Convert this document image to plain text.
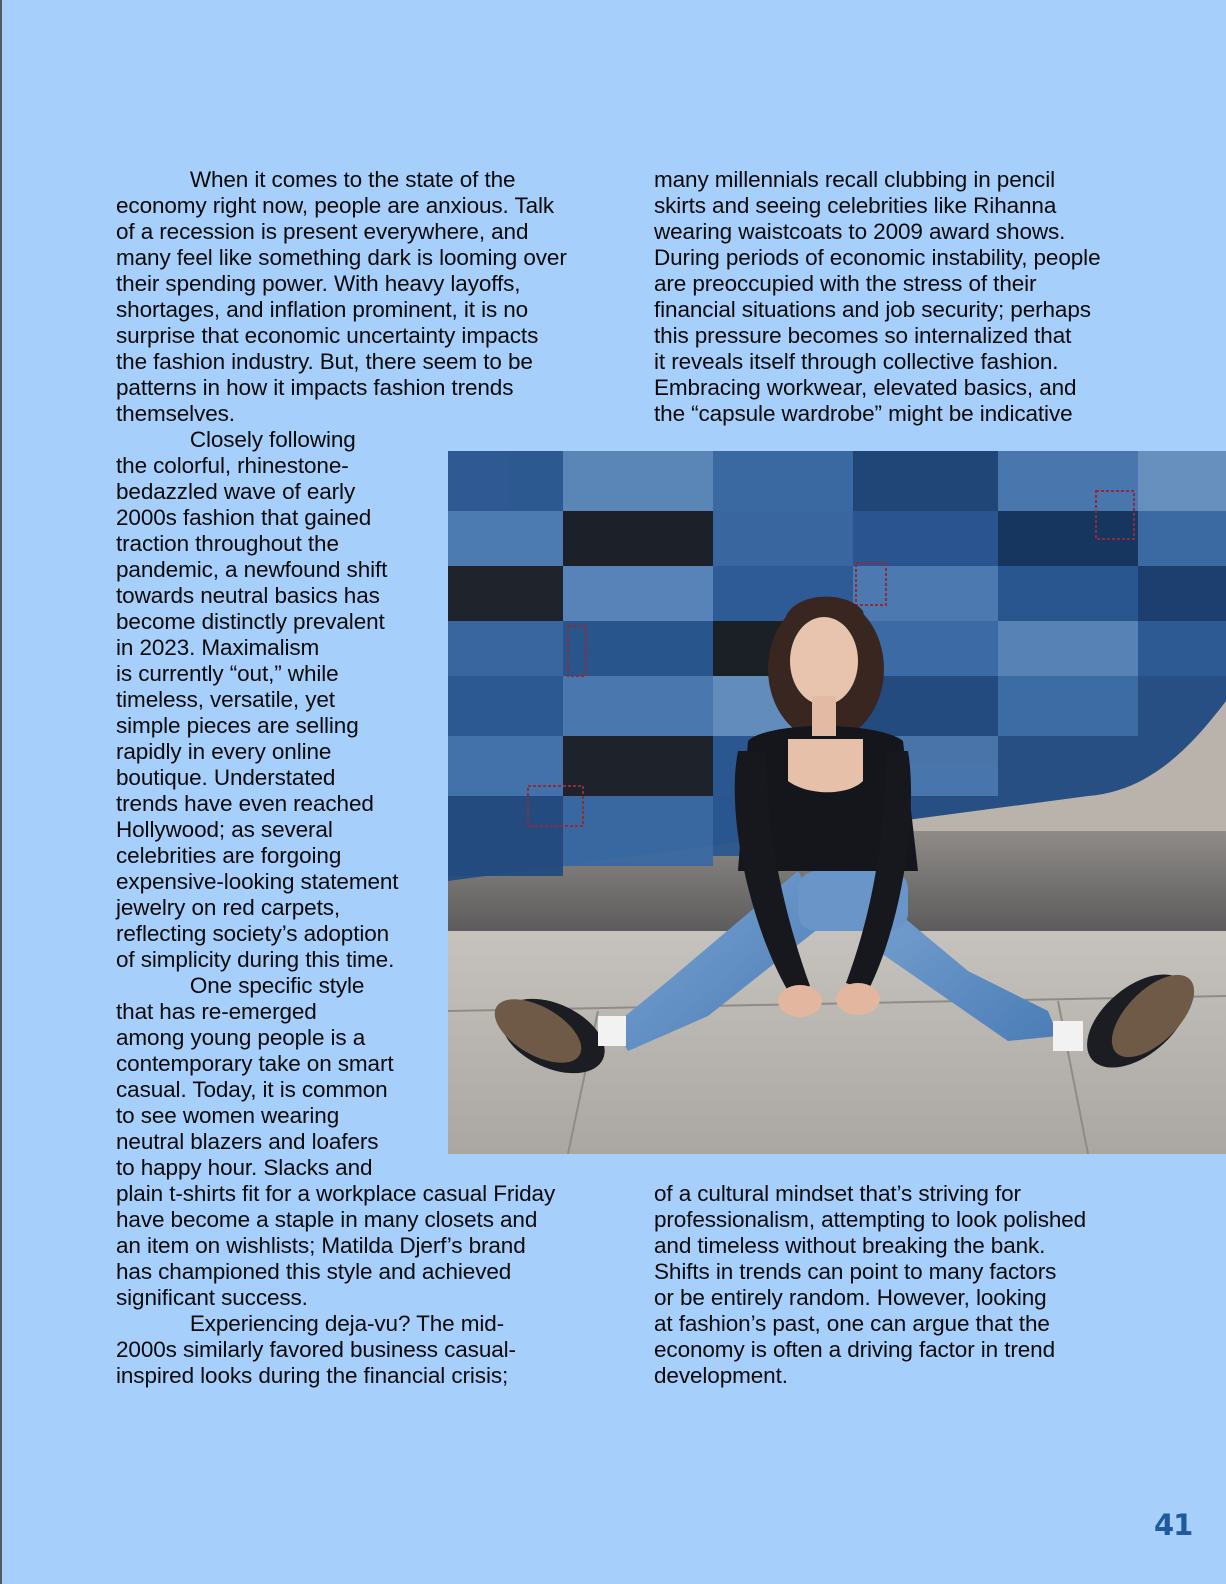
When it comes to the state of the
economy right now, people are anxious. Talk
of a recession is present everywhere, and
many feel like something dark is looming over
their spending power. With heavy layoffs,
shortages, and inflation prominent, it is no
surprise that economic uncertainty impacts
the fashion industry. But, there seem to be
patterns in how it impacts fashion trends
themselves.
Closely following
the colorful, rhinestone-
bedazzled wave of early
2000s fashion that gained
traction throughout the
pandemic, a newfound shift
towards neutral basics has
become distinctly prevalent
in 2023. Maximalism
is currently “out,” while
timeless, versatile, yet
simple pieces are selling
rapidly in every online
boutique. Understated
trends have even reached
Hollywood; as several
celebrities are forgoing
expensive-looking statement
jewelry on red carpets,
reflecting society’s adoption
of simplicity during this time.
One specific style
that has re-emerged
among young people is a
contemporary take on smart
casual. Today, it is common
to see women wearing
neutral blazers and loafers
to happy hour. Slacks and
plain t-shirts fit for a workplace casual Friday
have become a staple in many closets and
an item on wishlists; Matilda Djerf’s brand
has championed this style and achieved
significant success.
Experiencing deja-vu? The mid-
2000s similarly favored business casual-
inspired looks during the financial crisis;
many millennials recall clubbing in pencil
skirts and seeing celebrities like Rihanna
wearing waistcoats to 2009 award shows.
During periods of economic instability, people
are preoccupied with the stress of their
financial situations and job security; perhaps
this pressure becomes so internalized that
it reveals itself through collective fashion.
Embracing workwear, elevated basics, and
the “capsule wardrobe” might be indicative
of a cultural mindset that’s striving for
professionalism, attempting to look polished
and timeless without breaking the bank.
Shifts in trends can point to many factors
or be entirely random. However, looking
at fashion’s past, one can argue that the
economy is often a driving factor in trend
development.
41
